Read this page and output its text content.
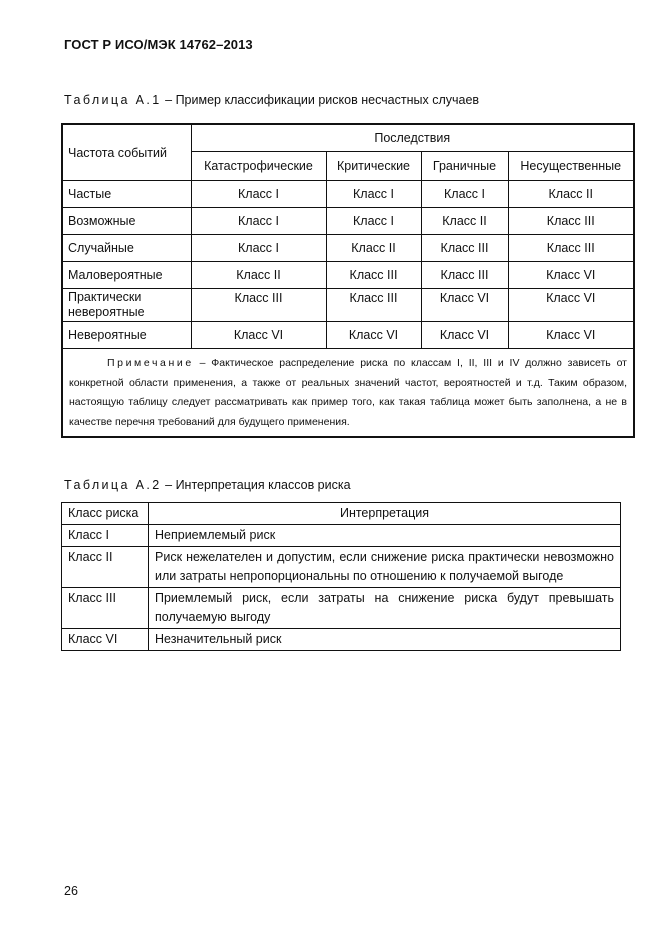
ГОСТ Р ИСО/МЭК 14762–2013
Таблица А.1 – Пример классификации рисков несчастных случаев
Частота событий	Последствия			
	Катастрофические	Критические	Граничные	Несущественные
Частые	Класс I	Класс I	Класс I	Класс II
Возможные	Класс I	Класс I	Класс II	Класс III
Случайные	Класс I	Класс II	Класс III	Класс III
Маловероятные	Класс II	Класс III	Класс III	Класс VI

Практически
невероятные	Класс III	Класс III	Класс VI	Класс VI
Невероятные	Класс VI	Класс VI	Класс VI	Класс VI
Примечание – Фактическое распределение риска по классам I, II, III и IV должно зависеть от конкретной области применения, а также от реальных значений частот, вероятностей и т.д. Таким образом, настоящую таблицу следует рассматривать как пример того, как такая таблица может быть заполнена, а не в качестве перечня требований для будущего применения.				
Таблица А.2 – Интерпретация классов риска
Класс риска	Интерпретация
Класс I	Неприемлемый риск
Класс II	Риск нежелателен и допустим, если снижение риска практически невозможно или затраты непропорциональны по отношению к получаемой выгоде
Класс III	Приемлемый риск, если затраты на снижение риска будут превышать получаемую выгоду
Класс VI	Незначительный риск
26
